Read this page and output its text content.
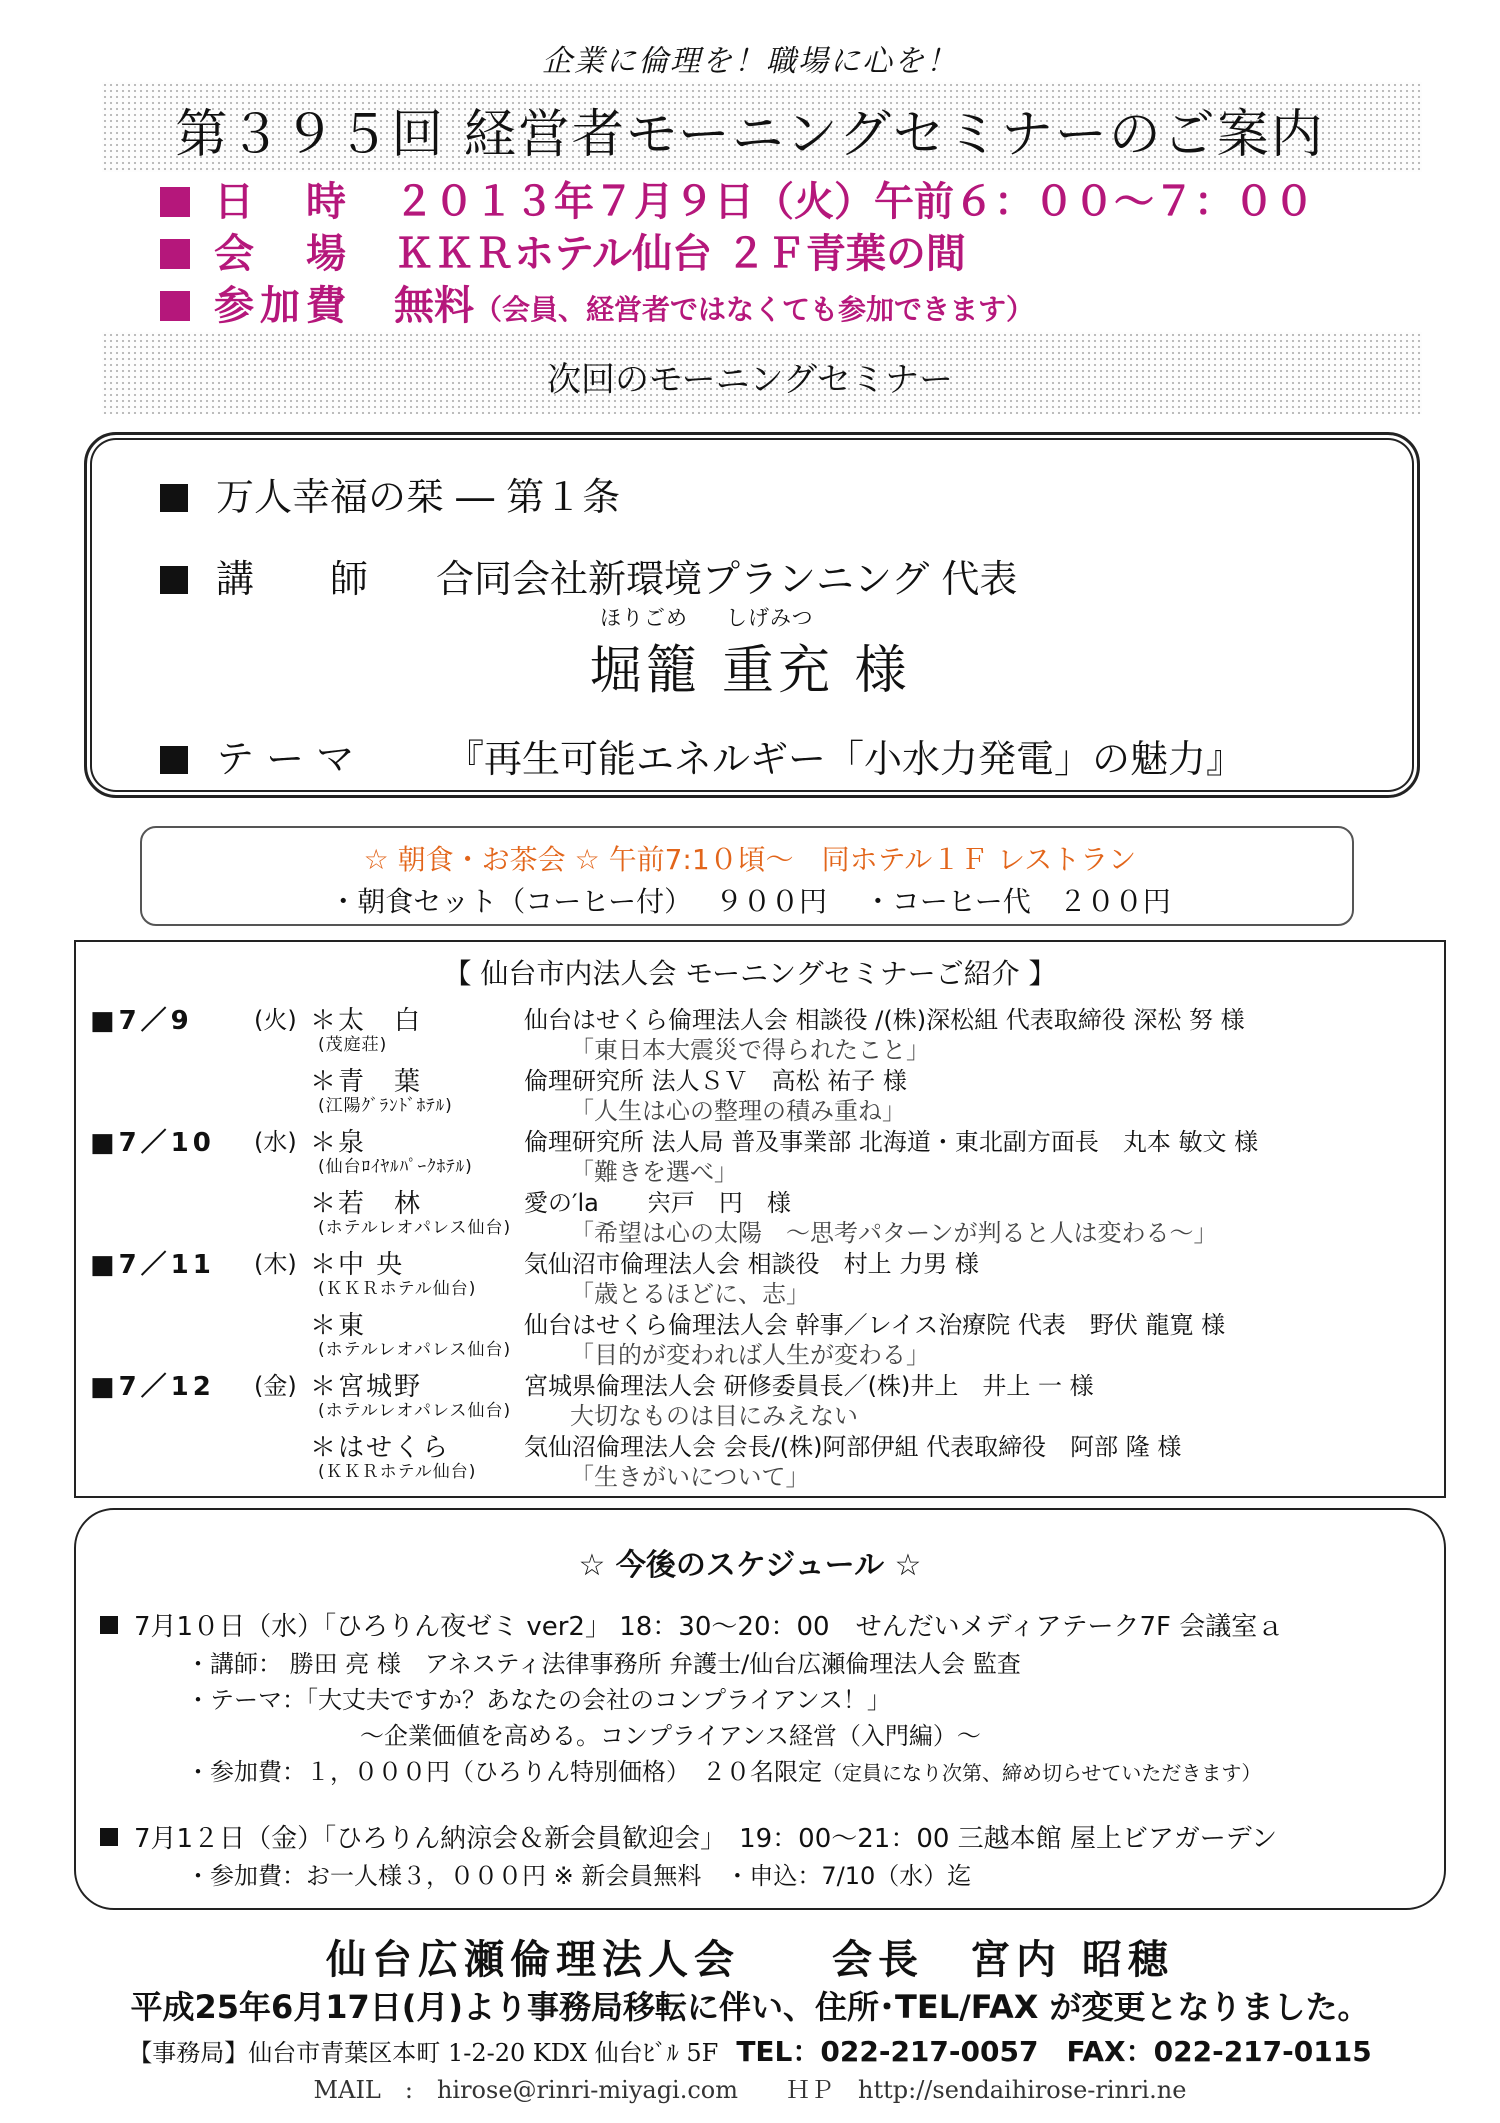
企業に倫理を！職場に心を！
第３９５回 経営者モーニングセミナーのご案内
日　時 ２０１３年７月９日（火）午前６：００～７：００
会　場 ＫＫＲホテル仙台 ２Ｆ青葉の間
参加費 無料（会員、経営者ではなくても参加できます）
次回のモーニングセミナー
万人幸福の栞 ― 第１条
講　　師 合同会社新環境プランニング 代表
ほりごめ しげみつ
堀籠 重充 様
テ ー マ 『再生可能エネルギー「小水力発電」の魅力』
☆ 朝食・お茶会 ☆ 午前7:1０頃～　同ホテル１Ｆ レストラン
・朝食セット（コーヒー付）　 ９００円　 ・コーヒー代　２００円
【 仙台市内法人会 モーニングセミナーご紹介 】
■7／9	(火) ＊太　白	仙台はせくら倫理法人会 相談役 /(株)深松組 代表取締役 深松 努 様
(茂庭荘)	「東日本大震災で得られたこと」
＊青　葉	倫理研究所 法人ＳＶ　高松 祐子 様
(江陽ｸﾞﾗﾝﾄﾞﾎﾃﾙ)	「人生は心の整理の積み重ね」
■7／10 (水) ＊泉	倫理研究所 法人局 普及事業部 北海道・東北副方面長　丸本 敏文 様
(仙台ﾛｲﾔﾙﾊﾟｰｸﾎﾃﾙ)	「難きを選べ」
＊若　林	愛の′la　　宍戸　円　様
(ホテルレオパレス仙台) 「希望は心の太陽　～思考パターンが判ると人は変わる～」
■7／11 (木) ＊中 央	気仙沼市倫理法人会 相談役　村上 力男 様
(ＫＫＲホテル仙台)	「歳とるほどに、志」
＊東	仙台はせくら倫理法人会 幹事／レイス治療院 代表　野伏 龍寛 様
(ホテルレオパレス仙台) 「目的が変われば人生が変わる」
■7／12 (金) ＊宮城野	宮城県倫理法人会 研修委員長／(株)井上　井上 一 様
(ホテルレオパレス仙台) 大切なものは目にみえない
＊はせくら	気仙沼倫理法人会 会長/(株)阿部伊組 代表取締役　阿部 隆 様
(ＫＫＲホテル仙台)	「生きがいについて」
☆ 今後のスケジュール ☆
7月1０日（水）「ひろりん夜ゼミ ver2」 18：30～20：00　せんだいメディアテーク7F 会議室ａ
・講師： 勝田 亮 様　アネスティ法律事務所 弁護士/仙台広瀬倫理法人会 監査
・テーマ：「大丈夫ですか？あなたの会社のコンプライアンス！」
～企業価値を高める。コンプライアンス経営（入門編）～
・参加費：１，０００円（ひろりん特別価格）　２０名限定（定員になり次第、締め切らせていただきます）
7月1２日（金）「ひろりん納涼会＆新会員歓迎会」　19：00～21：00 三越本館 屋上ビアガーデン
・参加費：お一人様３，０００円 ※ 新会員無料　・申込：7/10（水）迄
仙台広瀬倫理法人会　　会長　宮内 昭穂
平成25年6月17日(月)より事務局移転に伴い、住所･TEL/FAX が変更となりました。
【事務局】仙台市青葉区本町 1-2-20 KDX 仙台ﾋﾞﾙ 5F TEL：022-217-0057　FAX：022-217-0115
MAIL　:　hirose@rinri-miyagi.com　　ＨＰ　http://sendaihirose-rinri.ne
